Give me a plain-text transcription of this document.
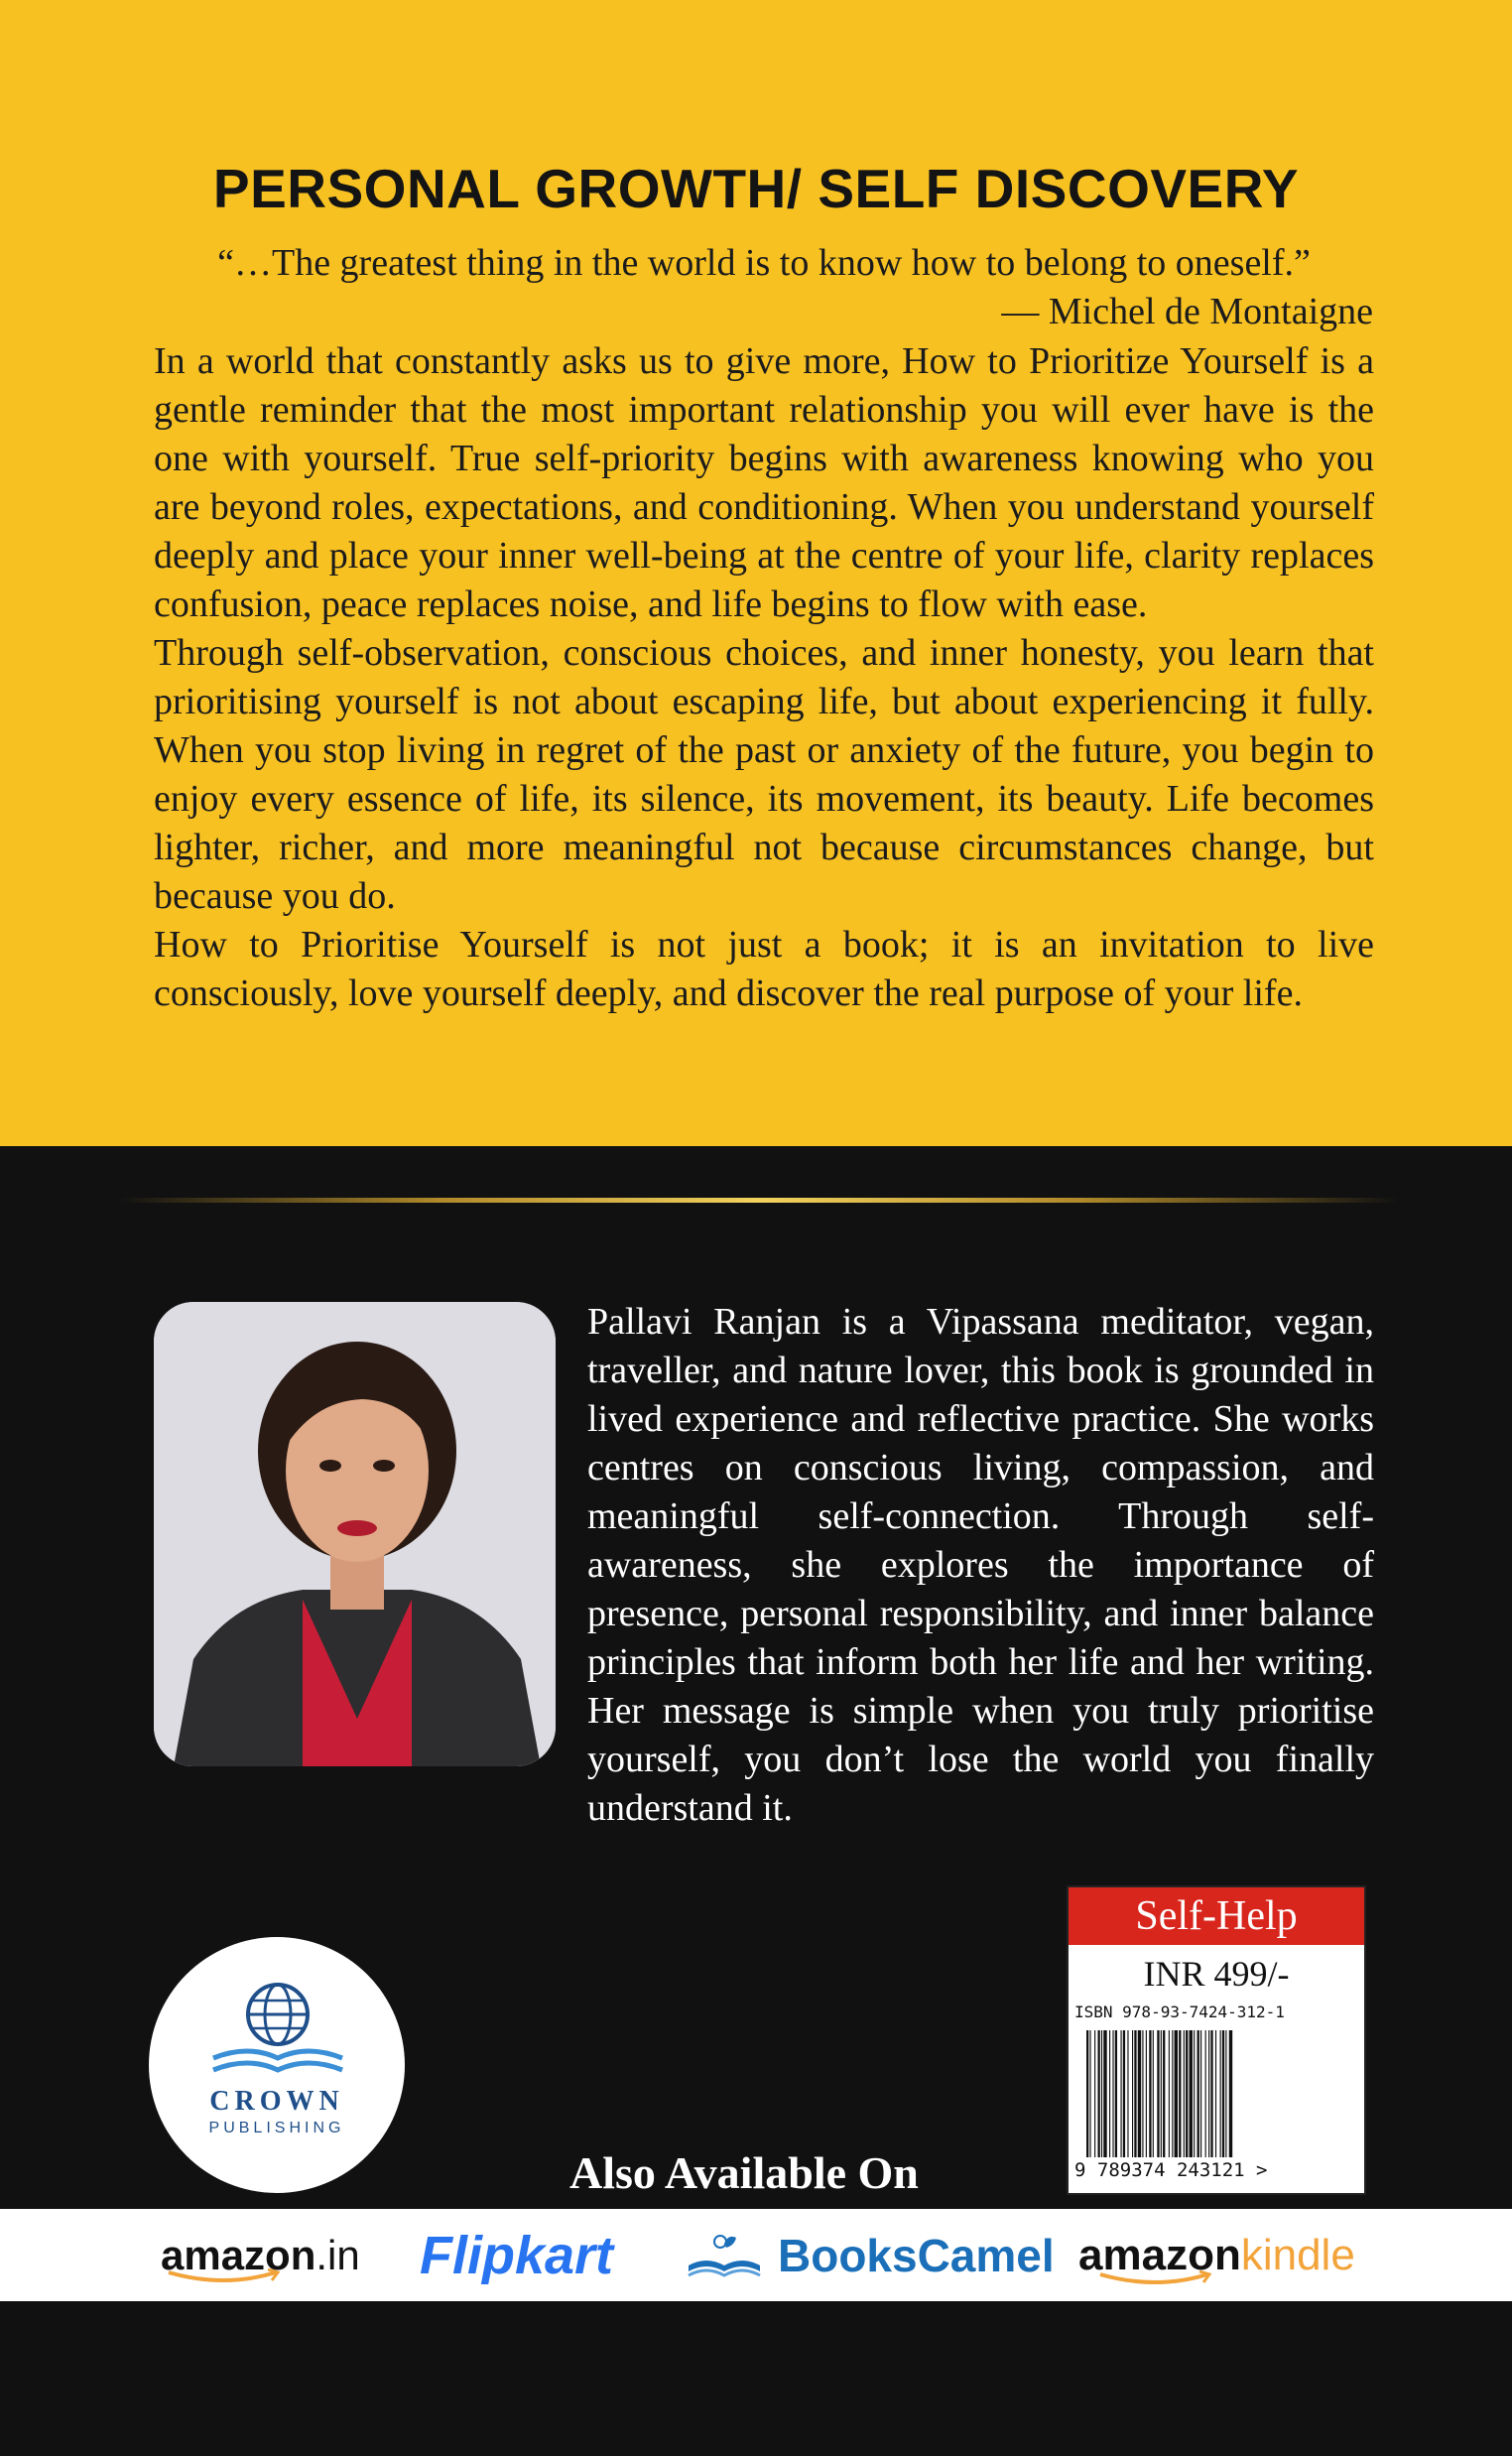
PERSONAL GROWTH/ SELF DISCOVERY
“…The greatest thing in the world is to know how to belong to oneself.”
— Michel de Montaigne

In a world that constantly asks us to give more, How to Prioritize Yourself is a gentle reminder that the most important relationship you will ever have is the one with yourself. True self-priority begins with awareness knowing who you are beyond roles, expectations, and conditioning. When you understand yourself deeply and place your inner well-being at the centre of your life, clarity replaces confusion, peace replaces noise, and life begins to flow with ease.

Through self-observation, conscious choices, and inner honesty, you learn that prioritising yourself is not about escaping life, but about experiencing it fully. When you stop living in regret of the past or anxiety of the future, you begin to enjoy every essence of life, its silence, its movement, its beauty. Life becomes lighter, richer, and more meaningful not because circumstances change, but because you do.

How to Prioritise Yourself is not just a book; it is an invitation to live consciously, love yourself deeply, and discover the real purpose of your life.

Pallavi Ranjan is a Vipassana meditator, vegan, traveller, and nature lover, this book is grounded in lived experience and reflective practice. She works centres on conscious living, compassion, and meaningful self-connection. Through self-awareness, she explores the importance of presence, personal responsibility, and inner balance principles that inform both her life and her writing. Her message is simple when you truly prioritise yourself, you don’t lose the world you finally understand it.
CROWN
PUBLISHING
Self-Help
INR 499/-
ISBN 978-93-7424-312-1
9 789374 243121 >
Also Available On
amazon .in Flipkart	BooksCamel amazon kindle
